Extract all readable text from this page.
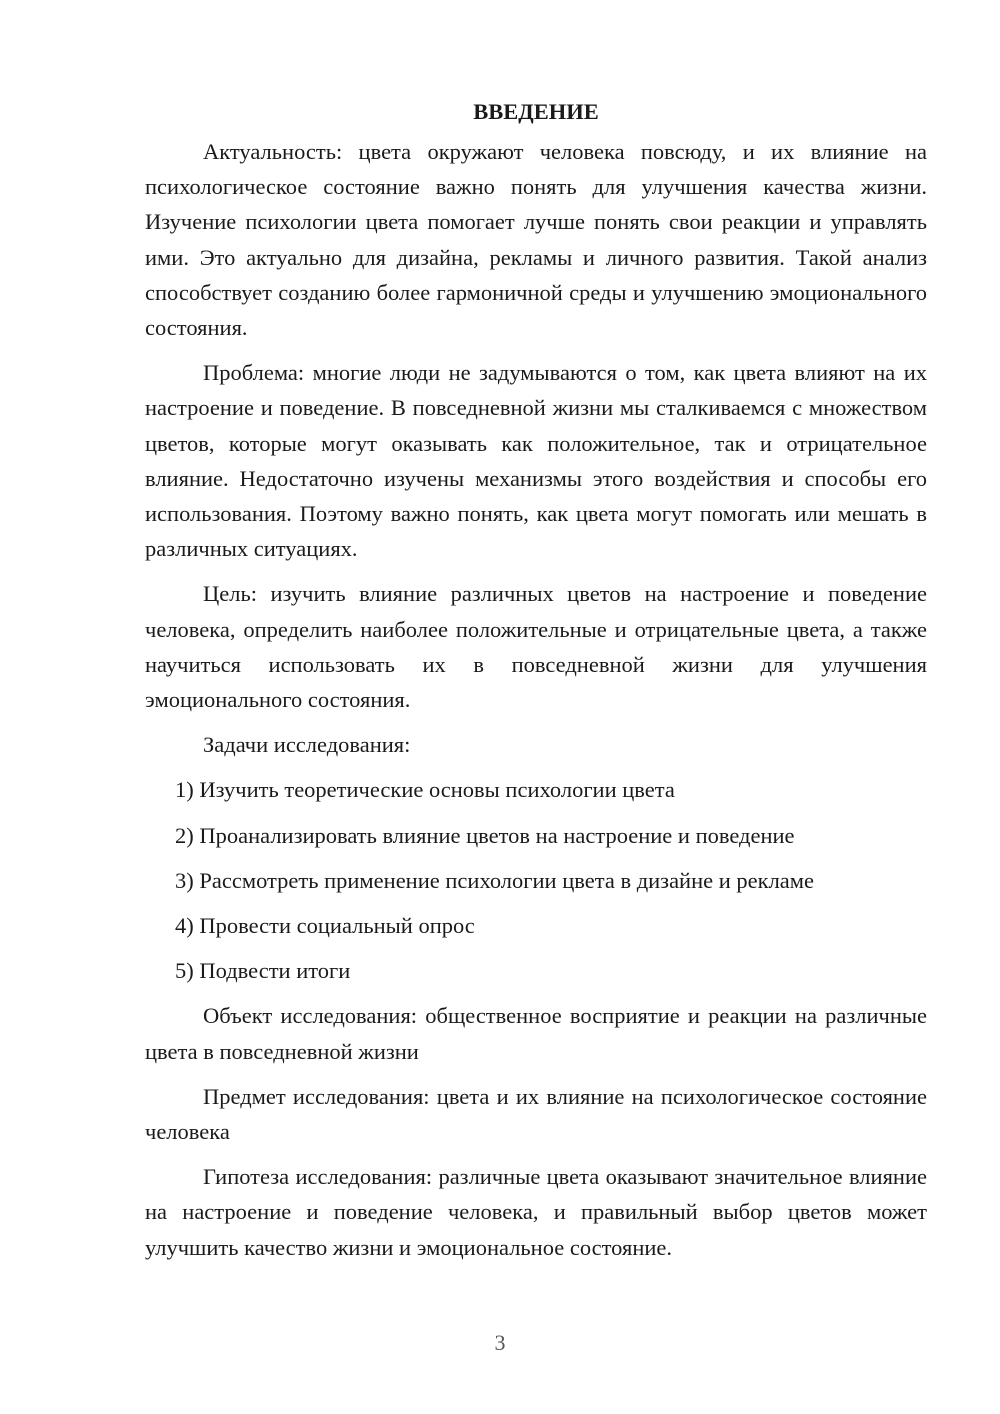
ВВЕДЕНИЕ

Актуальность: цвета окружают человека повсюду, и их влияние на психологическое состояние важно понять для улучшения качества жизни. Изучение психологии цвета помогает лучше понять свои реакции и управлять ими. Это актуально для дизайна, рекламы и личного развития. Такой анализ способствует созданию более гармоничной среды и улучшению эмоционального состояния.

Проблема: многие люди не задумываются о том, как цвета влияют на их настроение и поведение. В повседневной жизни мы сталкиваемся с множеством цветов, которые могут оказывать как положительное, так и отрицательное влияние. Недостаточно изучены механизмы этого воздействия и способы его использования. Поэтому важно понять, как цвета могут помогать или мешать в различных ситуациях.

Цель: изучить влияние различных цветов на настроение и поведение человека, определить наиболее положительные и отрицательные цвета, а также научиться использовать их в повседневной жизни для улучшения эмоционального состояния.

Задачи исследования:

1) Изучить теоретические основы психологии цвета
2) Проанализировать влияние цветов на настроение и поведение
3) Рассмотреть применение психологии цвета в дизайне и рекламе
4) Провести социальный опрос
5) Подвести итоги

Объект исследования: общественное восприятие и реакции на различные цвета в повседневной жизни

Предмет исследования: цвета и их влияние на психологическое состояние человека

Гипотеза исследования: различные цвета оказывают значительное влияние на настроение и поведение человека, и правильный выбор цветов может улучшить качество жизни и эмоциональное состояние.

3
